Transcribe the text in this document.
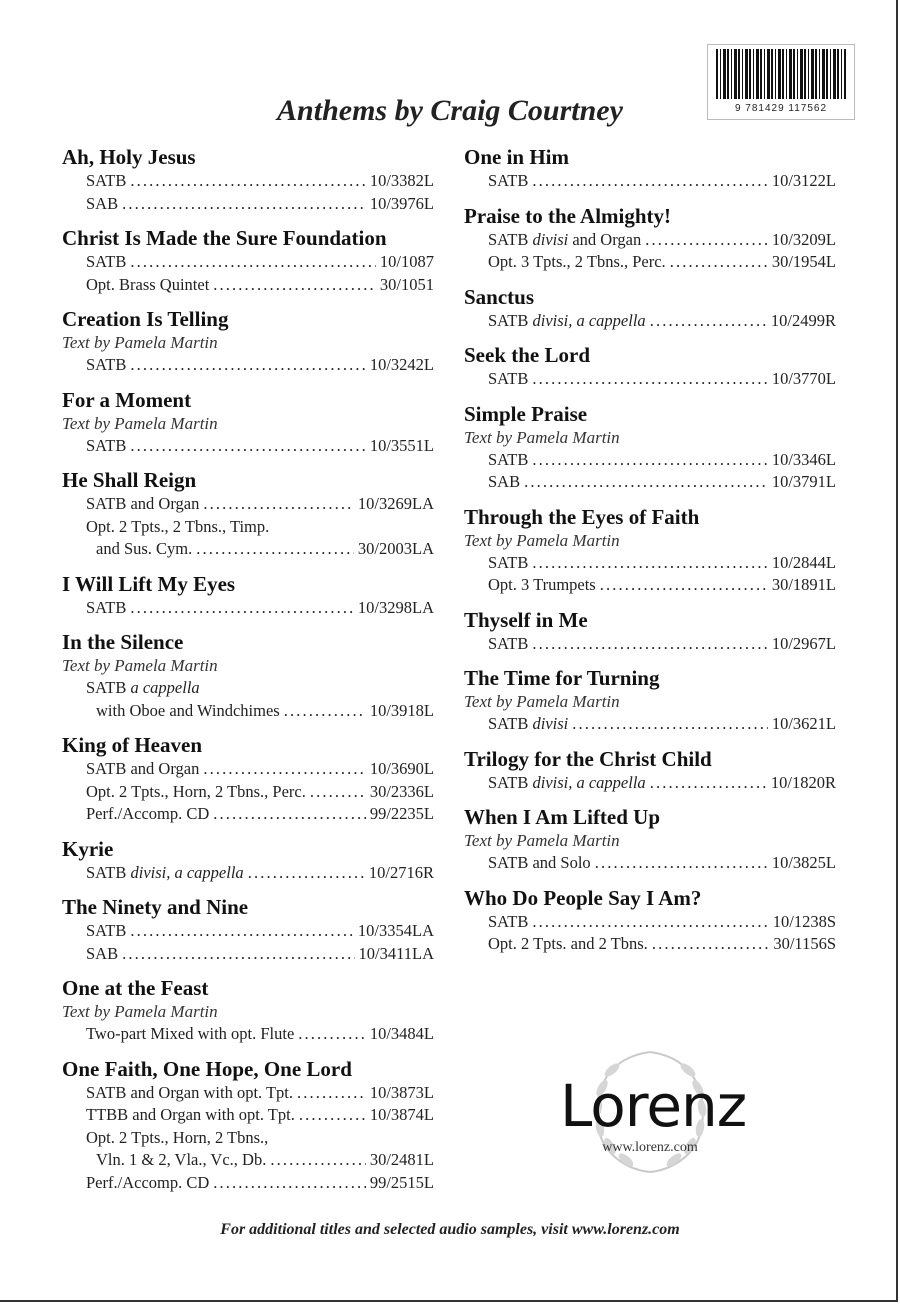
9 781429 117562
Anthems by Craig Courtney
Ah, Holy Jesus
SATB . . .	10/3382L
SAB . . .	10/3976L
Christ Is Made the Sure Foundation
SATB . . .	10/1087
Opt. Brass Quintet . . .	30/1051
Creation Is Telling
Text by Pamela Martin
SATB . . .	10/3242L
For a Moment
Text by Pamela Martin
SATB . . .	10/3551L
He Shall Reign
SATB and Organ . . .	10/3269LA
Opt. 2 Tpts., 2 Tbns., Timp.
and Sus. Cym. . . .	30/2003LA
I Will Lift My Eyes
SATB . . .	10/3298LA
In the Silence
Text by Pamela Martin
SATB a cappella
with Oboe and Windchimes . . .	10/3918L
King of Heaven
SATB and Organ . . .	10/3690L
Opt. 2 Tpts., Horn, 2 Tbns., Perc. . . .	30/2336L
Perf./Accomp. CD . . .	99/2235L
Kyrie
SATB divisi, a cappella . . .	10/2716R
The Ninety and Nine
SATB . . .	10/3354LA
SAB . . .	10/3411LA
One at the Feast
Text by Pamela Martin
Two-part Mixed with opt. Flute . . .	10/3484L
One Faith, One Hope, One Lord
SATB and Organ with opt. Tpt. . . .	10/3873L
TTBB and Organ with opt. Tpt. . . .	10/3874L
Opt. 2 Tpts., Horn, 2 Tbns.,
Vln. 1 & 2, Vla., Vc., Db. . . .	30/2481L
Perf./Accomp. CD . . .	99/2515L
One in Him
SATB . . .	10/3122L
Praise to the Almighty!
SATB divisi and Organ . . .	10/3209L
Opt. 3 Tpts., 2 Tbns., Perc. . . .	30/1954L
Sanctus
SATB divisi, a cappella . . .	10/2499R
Seek the Lord
SATB . . .	10/3770L
Simple Praise
Text by Pamela Martin
SATB . . .	10/3346L
SAB . . .	10/3791L
Through the Eyes of Faith
Text by Pamela Martin
SATB . . .	10/2844L
Opt. 3 Trumpets . . .	30/1891L
Thyself in Me
SATB . . .	10/2967L
The Time for Turning
Text by Pamela Martin
SATB divisi . . .	10/3621L
Trilogy for the Christ Child
SATB divisi, a cappella . . .	10/1820R
When I Am Lifted Up
Text by Pamela Martin
SATB and Solo . . .	10/3825L
Who Do People Say I Am?
SATB . . .	10/1238S
Opt. 2 Tpts. and 2 Tbns. . . .	30/1156S
Lorenz
www.lorenz.com
For additional titles and selected audio samples, visit www.lorenz.com
